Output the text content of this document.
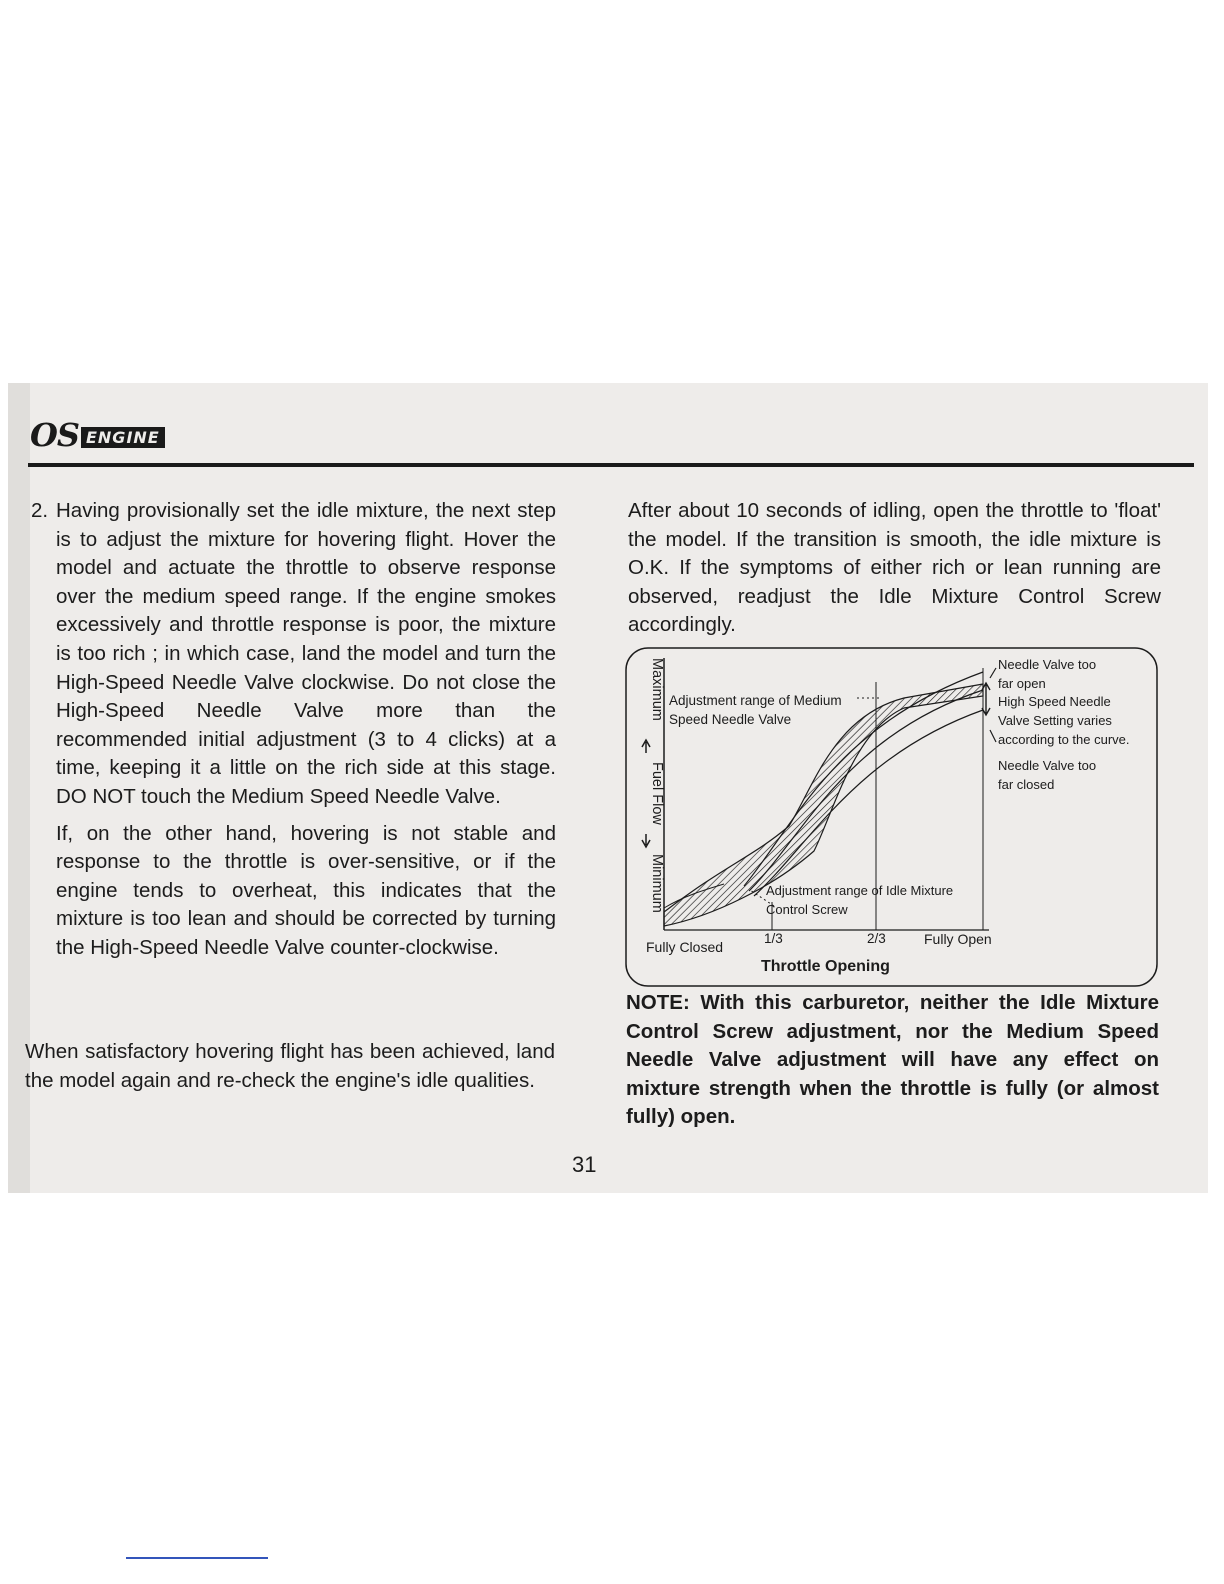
OS ENGINE
2. Having provisionally set the idle mixture, the next step is to adjust the mixture for hovering flight. Hover the model and actuate the throttle to observe response over the medium speed range. If the engine smokes excessively and throttle response is poor, the mixture is too rich ; in which case, land the model and turn the High-Speed Needle Valve clockwise. Do not close the High-Speed Needle Valve more than the recommended initial adjustment (3 to 4 clicks) at a time, keeping it a little on the rich side at this stage. DO NOT touch the Medium Speed Needle Valve.

If, on the other hand, hovering is not stable and response to the throttle is over-sensitive, or if the engine tends to overheat, this indicates that the mixture is too lean and should be corrected by turning the High-Speed Needle Valve counter-clockwise.

When satisfactory hovering flight has been achieved, land the model again and re-check the engine's idle qualities.

After about 10 seconds of idling, open the throttle to 'float' the model. If the transition is smooth, the idle mixture is O.K. If the symptoms of either rich or lean running are observed, readjust the Idle Mixture Control Screw accordingly.

Maximum
Fuel Flow
Minimum
Adjustment range of Medium
Speed Needle Valve
Needle Valve too
far open
High Speed Needle
Valve Setting varies
according to the curve.
Needle Valve too
far closed
Adjustment range of Idle Mixture
Control Screw
Fully Closed
1/3	2/3	Fully Open
Throttle Opening

NOTE: With this carburetor, neither the Idle Mixture Control Screw adjustment, nor the Medium Speed Needle Valve adjustment will have any effect on mixture strength when the throttle is fully (or almost fully) open.

31
